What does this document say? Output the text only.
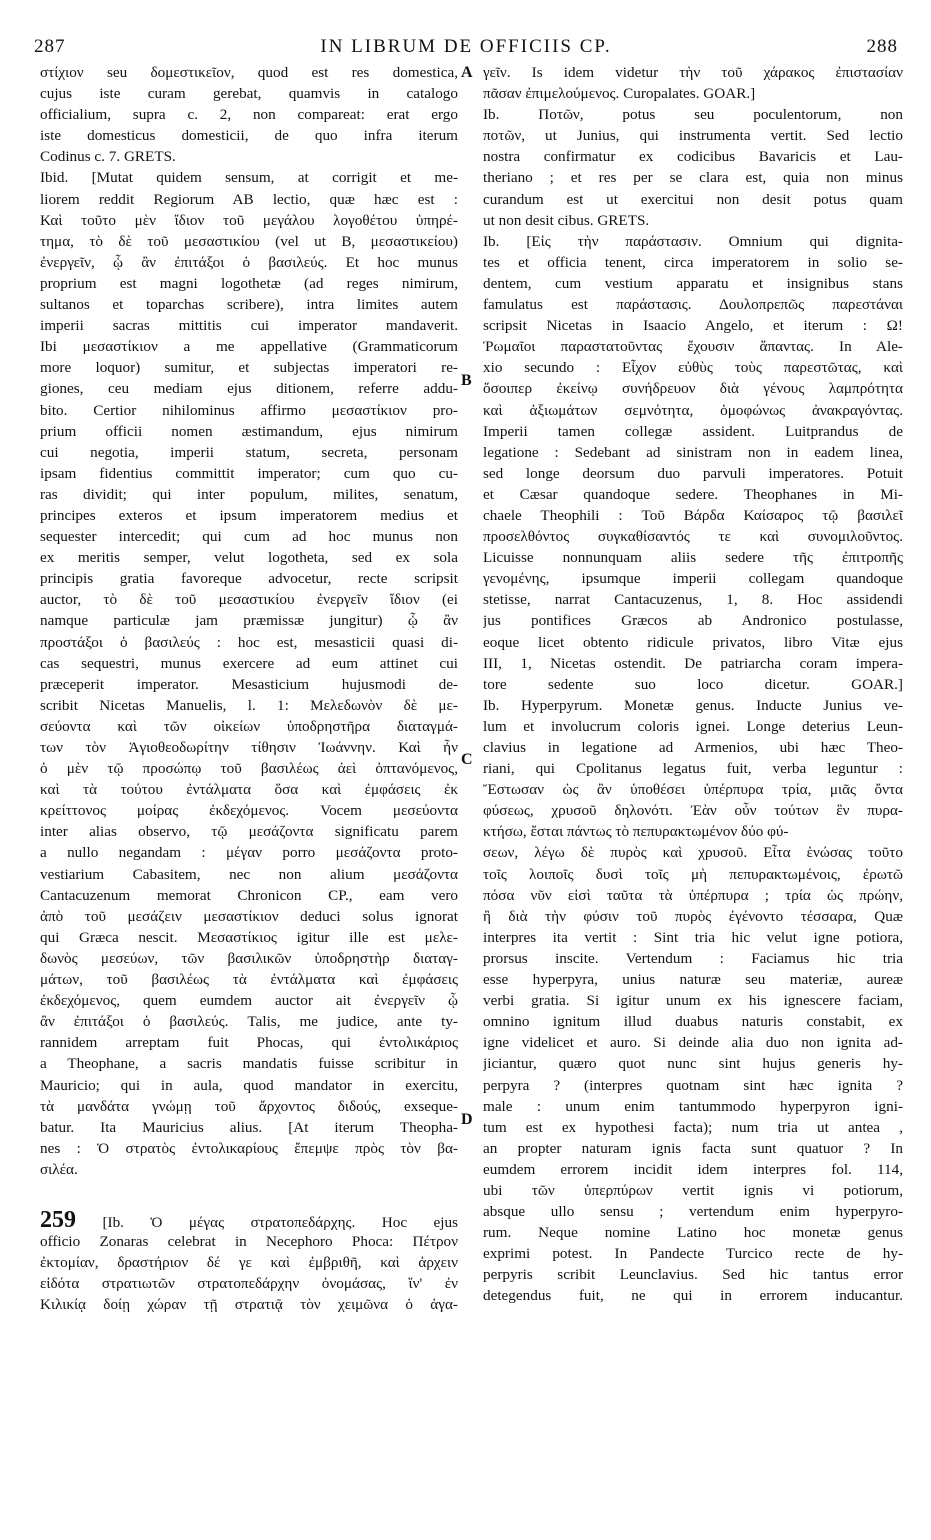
287	IN LIBRUM DE OFFICIIS CP.	288
A
B
C
D
στίχιον seu δομεστικεῖον, quod est res domestica,
cujus iste curam gerebat, quamvis in catalogo
officialium, supra c. 2, non compareat: erat ergo
iste domesticus domesticii, de quo infra iterum
Codinus c. 7. GRETS.
Ibid. [Mutat quidem sensum, at corrigit et me-
liorem reddit Regiorum AB lectio, quæ hæc est :
Καὶ τοῦτο μὲν ἴδιον τοῦ μεγάλου λογοθέτου ὑπηρέ-
τημα, τὸ δὲ τοῦ μεσαστικίου (vel ut B, μεσαστικείου)
ἐνεργεῖν, ᾧ ἂν ἐπιτάξοι ὁ βασιλεύς. Et hoc munus
proprium est magni logothetæ (ad reges nimirum,
sultanos et toparchas scribere), intra limites autem
imperii sacras mittitis cui imperator mandaverit.
Ibi μεσαστίκιον a me appellative (Grammaticorum
more loquor) sumitur, et subjectas imperatori re-
giones, ceu mediam ejus ditionem, referre addu-
bito. Certior nihilominus affirmo μεσαστίκιον pro-
prium officii nomen æstimandum, ejus nimirum
cui negotia, imperii statum, secreta, personam
ipsam fidentius committit imperator; cum quo cu-
ras dividit; qui inter populum, milites, senatum,
principes exteros et ipsum imperatorem medius et
sequester intercedit; qui cum ad hoc munus non
ex meritis semper, velut logotheta, sed ex sola
principis gratia favoreque advocetur, recte scripsit
auctor, τὸ δὲ τοῦ μεσαστικίου ἐνεργεῖν ἴδιον (ei
namque particulæ jam præmissæ jungitur) ᾧ ἂν
προστάξοι ὁ βασιλεύς : hoc est, mesasticii quasi di-
cas sequestri, munus exercere ad eum attinet cui
præceperit imperator. Mesasticium hujusmodi de-
scribit Nicetas Manuelis, l. 1: Μελεδωνὸν δὲ με-
σεύοντα καὶ τῶν οἰκείων ὑποδρηστῆρα διαταγμά-
των τὸν Ἁγιοθεοδωρίτην τίθησιν Ἰωάννην. Καὶ ἦν
ὁ μὲν τῷ προσώπῳ τοῦ βασιλέως ἀεὶ ὀπτανόμενος,
καὶ τὰ τούτου ἐντάλματα ὅσα καὶ ἐμφάσεις ἐκ
κρείττονος μοίρας ἐκδεχόμενος. Vocem μεσεύοντα
inter alias observo, τῷ μεσάζοντα significatu parem
a nullo negandam : μέγαν porro μεσάζοντα proto-
vestiarium Cabasitem, nec non alium μεσάζοντα
Cantacuzenum memorat Chronicon CP., eam vero
ἀπὸ τοῦ μεσάζειν μεσαστίκιον deduci solus ignorat
qui Græca nescit. Μεσαστίκιος igitur ille est μελε-
δωνὸς μεσεύων, τῶν βασιλικῶν ὑποδρηστὴρ διαταγ-
μάτων, τοῦ βασιλέως τὰ ἐντάλματα καὶ ἐμφάσεις
ἐκδεχόμενος, quem eumdem auctor ait ἐνεργεῖν ᾧ
ἂν ἐπιτάξοι ὁ βασιλεύς. Talis, me judice, ante ty-
rannidem arreptam fuit Phocas, qui ἐντολικάριος
a Theophane, a sacris mandatis fuisse scribitur in
Mauricio; qui in aula, quod mandator in exercitu,
τὰ μανδάτα γνώμῃ τοῦ ἄρχοντος διδούς, exseque-
batur. Ita Mauricius alius. [At iterum Theopha-
nes : Ὁ στρατὸς ἐντολικαρίους ἔπεμψε πρὸς τὸν βα-
σιλέα.
259 [Ib. Ὁ μέγας στρατοπεδάρχης. Hoc ejus
officio Zonaras celebrat in Necephoro Phoca: Πέτρον
ἐκτομίαν, δραστήριον δέ γε καὶ ἐμβριθῆ, καὶ ἀρχειν
εἰδότα στρατιωτῶν στρατοπεδάρχην ὀνομάσας, ἵν' ἐν
Κιλικίᾳ δοίῃ χώραν τῇ στρατιᾷ τὸν χειμῶνα ὁ ἀγα-
γεῖν. Is idem videtur τὴν τοῦ χάρακος ἐπιστασίαν
πᾶσαν ἐπιμελούμενος. Curopalates. GOAR.]
Ib. Ποτῶν, potus seu poculentorum, non
ποτῶν, ut Junius, qui instrumenta vertit. Sed lectio
nostra confirmatur ex codicibus Bavaricis et Lau-
theriano ; et res per se clara est, quia non minus
curandum est ut exercitui non desit potus quam
ut non desit cibus. GRETS.
Ib. [Εἰς τὴν παράστασιν. Omnium qui dignita-
tes et officia tenent, circa imperatorem in solio se-
dentem, cum vestium apparatu et insignibus stans
famulatus est παράστασις. Δουλοπρεπῶς παρεστάναι
scripsit Nicetas in Isaacio Angelo, et iterum : Ω!
Ῥωμαῖοι παραστατοῦντας ἔχουσιν ἅπαντας. In Ale-
xio secundo : Εἶχον εὐθὺς τοὺς παρεστῶτας, καὶ
ὅσοιπερ ἐκείνῳ συνήδρευον διὰ γένους λαμπρότητα
καὶ ἀξιωμάτων σεμνότητα, ὁμοφώνως ἀνακραγόντας.
Imperii tamen collegæ assident. Luitprandus de
legatione : Sedebant ad sinistram non in eadem linea,
sed longe deorsum duo parvuli imperatores. Potuit
et Cæsar quandoque sedere. Theophanes in Mi-
chaele Theophili : Τοῦ Βάρδα Καίσαρος τῷ βασιλεῖ
προσελθόντος συγκαθίσαντός τε καὶ συνομιλοῦντος.
Licuisse nonnunquam aliis sedere τῆς ἐπιτροπῆς
γενομένης, ipsumque imperii collegam quandoque
stetisse, narrat Cantacuzenus, 1, 8. Hoc assidendi
jus pontifices Græcos ab Andronico postulasse,
eoque licet obtento ridicule privatos, libro Vitæ ejus
III, 1, Nicetas ostendit. De patriarcha coram impera-
tore sedente suo loco dicetur. GOAR.]
Ib. Hyperpyrum. Monetæ genus. Inducte Junius ve-
lum et involucrum coloris ignei. Longe deterius Leun-
clavius in legatione ad Armenios, ubi hæc Theo-
riani, qui Cpolitanus legatus fuit, verba leguntur :
Ἔστωσαν ὡς ἂν ὑποθέσει ὑπέρπυρα τρία, μιᾶς ὄντα
φύσεως, χρυσοῦ δηλονότι. Ἐὰν οὖν τούτων ἓν πυρα-
κτήσω, ἔσται πάντως τὸ πεπυρακτωμένον δύο φύ-
σεων, λέγω δὲ πυρὸς καὶ χρυσοῦ. Εἶτα ἑνώσας τοῦτο
τοῖς λοιποῖς δυσὶ τοῖς μὴ πεπυρακτωμένοις, ἐρωτῶ
πόσα νῦν εἰσὶ ταῦτα τὰ ὑπέρπυρα ; τρία ὡς πρώην,
ἢ διὰ τὴν φύσιν τοῦ πυρὸς ἐγένοντο τέσσαρα, Quæ
interpres ita vertit : Sint tria hic velut igne potiora,
prorsus inscite. Vertendum : Faciamus hic tria
esse hyperpyra, unius naturæ seu materiæ, aureæ
verbi gratia. Si igitur unum ex his ignescere faciam,
omnino ignitum illud duabus naturis constabit, ex
igne videlicet et auro. Si deinde alia duo non ignita ad-
jiciantur, quæro quot nunc sint hujus generis hy-
perpyra ? (interpres quotnam sint hæc ignita ?
male : unum enim tantummodo hyperpyron igni-
tum est ex hypothesi facta); num tria ut antea ,
an propter naturam ignis facta sunt quatuor ? In
eumdem errorem incidit idem interpres fol. 114,
ubi τῶν ὑπερπύρων vertit ignis vi potiorum,
absque ullo sensu ; vertendum enim hyperpyro-
rum. Neque nomine Latino hoc monetæ genus
exprimi potest. In Pandecte Turcico recte de hy-
perpyris scribit Leunclavius. Sed hic tantus error
detegendus fuit, ne qui in errorem inducantur.
